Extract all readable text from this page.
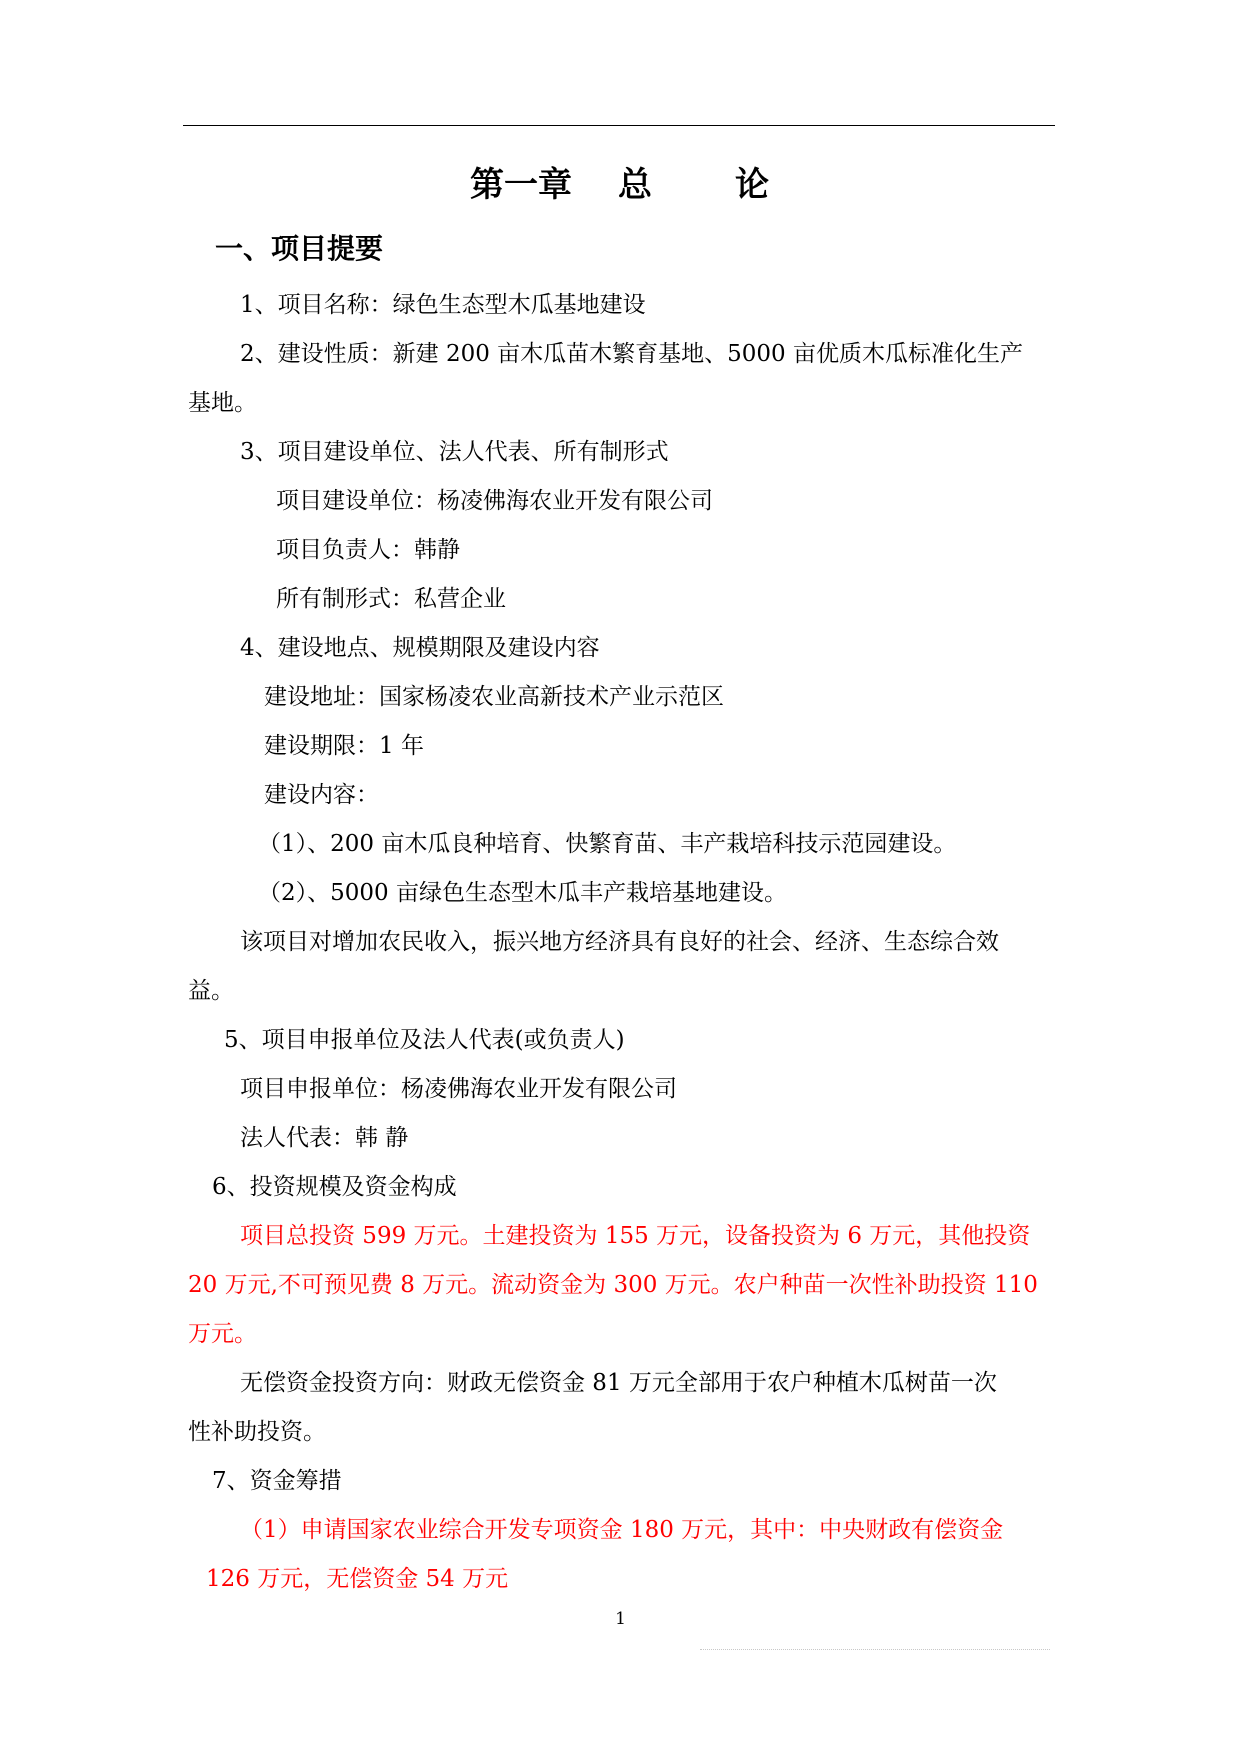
第一章 总 论
一、项目提要
1、项目名称：绿色生态型木瓜基地建设
2、建设性质：新建 200 亩木瓜苗木繁育基地、5000 亩优质木瓜标准化生产
基地。
3、项目建设单位、法人代表、所有制形式
项目建设单位：杨凌佛海农业开发有限公司
项目负责人：韩静
所有制形式：私营企业
4、建设地点、规模期限及建设内容
建设地址：国家杨凌农业高新技术产业示范区
建设期限：1 年
建设内容：
（1）、200 亩木瓜良种培育、快繁育苗、丰产栽培科技示范园建设。
（2）、5000 亩绿色生态型木瓜丰产栽培基地建设。
该项目对增加农民收入，振兴地方经济具有良好的社会、经济、生态综合效
益。
5、项目申报单位及法人代表(或负责人)
项目申报单位：杨凌佛海农业开发有限公司
法人代表：韩 静
6、投资规模及资金构成
项目总投资 599 万元。土建投资为 155 万元，设备投资为 6 万元，其他投资
20 万元,不可预见费 8 万元。流动资金为 300 万元。农户种苗一次性补助投资 110
万元。
无偿资金投资方向：财政无偿资金 81 万元全部用于农户种植木瓜树苗一次
性补助投资。
7、资金筹措
（1）申请国家农业综合开发专项资金 180 万元，其中：中央财政有偿资金
126 万元，无偿资金 54 万元
1
